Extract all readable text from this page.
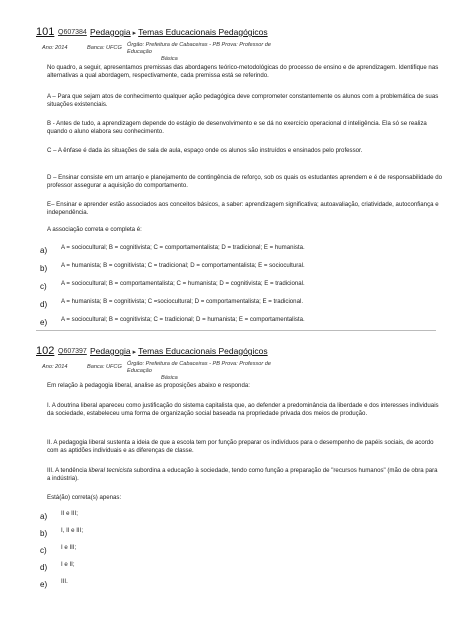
101 Q607384 Pedagogia ▸ Temas Educacionais Pedagógicos
Ano: 2014	Banca: UFCG Órgão: Prefeitura de Cabaceiras - PB Prova: Professor de Educação
Básica

No quadro, a seguir, apresentamos premissas das abordagens teórico-metodológicas do processo de ensino e de aprendizagem. Identifique nas alternativas a qual abordagem, respectivamente, cada premissa está se referindo.

A – Para que sejam atos de conhecimento qualquer ação pedagógica deve comprometer constantemente os alunos com a problemática de suas situações existenciais.

B - Antes de tudo, a aprendizagem depende do estágio de desenvolvimento e se dá no exercício operacional d inteligência. Ela só se realiza quando o aluno elabora seu conhecimento.

C – A ênfase é dada às situações de sala de aula, espaço onde os alunos são instruídos e ensinados pelo professor.

D – Ensinar consiste em um arranjo e planejamento de contingência de reforço, sob os quais os estudantes aprendem e é de responsabilidade do professor assegurar a aquisição do comportamento.

E– Ensinar e aprender estão associados aos conceitos básicos, a saber: aprendizagem significativa; autoavaliação, criatividade, autoconfiança e independência.

A associação correta e completa é:

a) A = sociocultural; B = cognitivista; C = comportamentalista; D = tradicional; E = humanista.
b) A = humanista; B = cognitivista; C = tradicional; D = comportamentalista; E = sociocultural.
c) A = sociocultural; B = comportamentalista; C = humanista; D = cognitivista; E = tradicional.
d) A = humanista; B = cognitivista; C =sociocultural; D = comportamentalista; E = tradicional.
e) A = sociocultural; B = cognitivista; C = tradicional; D = humanista; E = comportamentalista.
102 Q607397 Pedagogia ▸ Temas Educacionais Pedagógicos
Ano: 2014	Banca: UFCG Órgão: Prefeitura de Cabaceiras - PB Prova: Professor de Educação
Básica

Em relação à pedagogia liberal, analise as proposições abaixo e responda:

I. A doutrina liberal apareceu como justificação do sistema capitalista que, ao defender a predominância da liberdade e dos interesses individuais da sociedade, estabeleceu uma forma de organização social baseada na propriedade privada dos meios de produção.

II. A pedagogia liberal sustenta a ideia de que a escola tem por função preparar os indivíduos para o desempenho de papéis sociais, de acordo com as aptidões individuais e as diferenças de classe.

III. A tendência liberal tecnicista subordina a educação à sociedade, tendo como função a preparação de "recursos humanos" (mão de obra para a indústria).

Está(ão) correta(s) apenas:

a) II e III;
b) I, II e III;
c) I e III;
d) I e II;
e) III.
